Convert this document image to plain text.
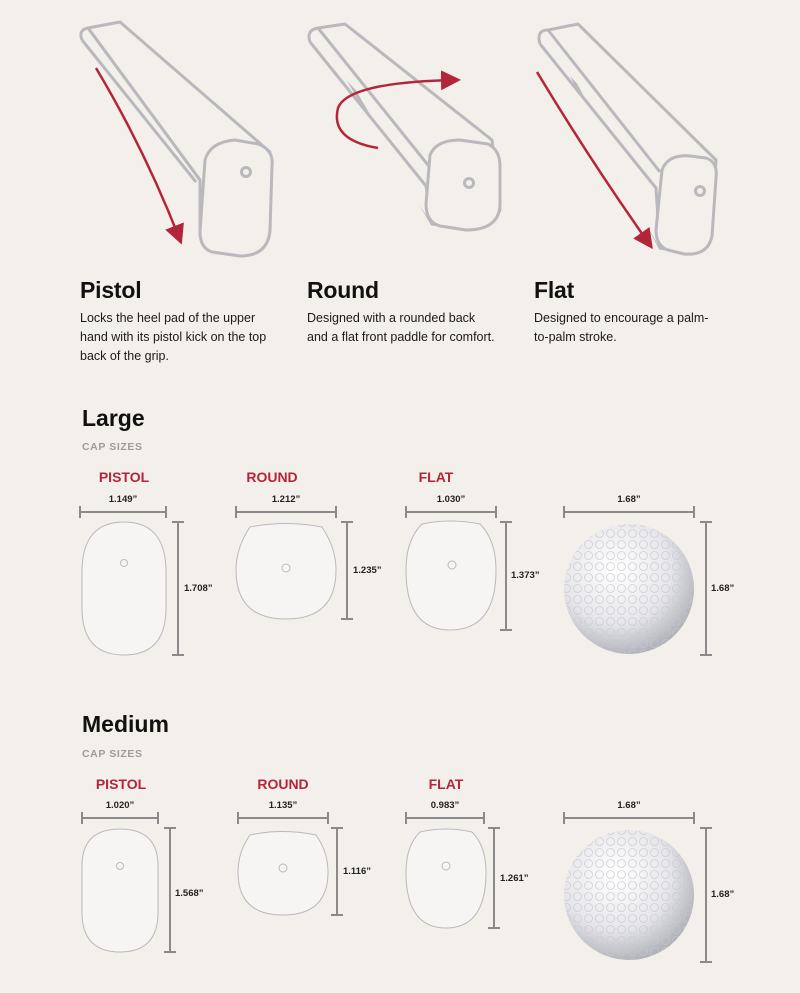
Pistol
Locks the heel pad of the upper hand with its pistol kick on the top back of the grip.
Round
Designed with a rounded back and a flat front paddle for comfort.
Flat
Designed to encourage a palm-to-palm stroke.
Large
CAP SIZES
PISTOL	ROUND	FLAT
1.149”
1.708”
1.212”
1.235”
1.030”
1.373”
1.68”
1.68”
Medium
CAP SIZES
PISTOL	ROUND	FLAT
1.020”
1.568”
1.135”
1.116”
0.983”
1.261”
1.68”
1.68”
